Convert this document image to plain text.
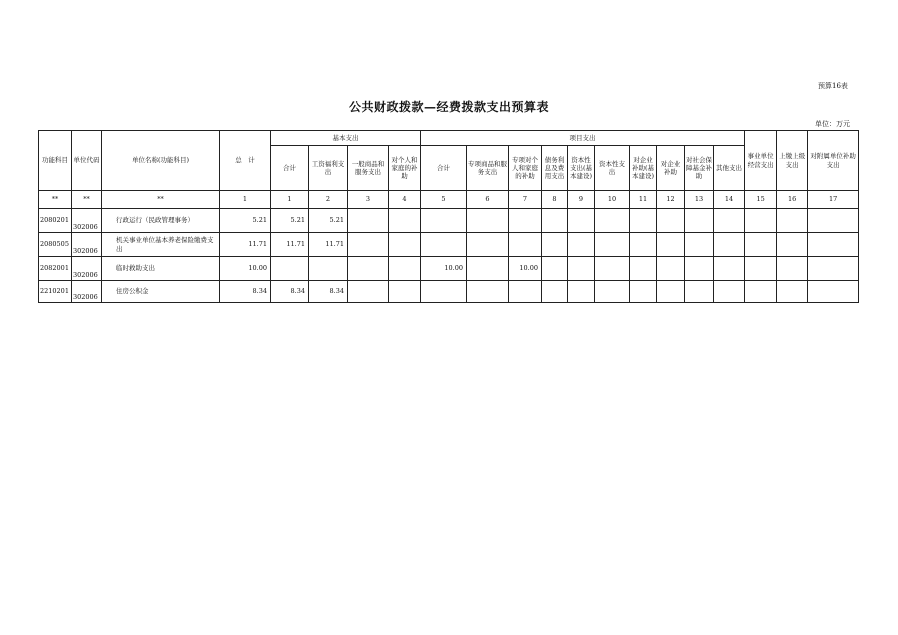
预算16表
公共财政拨款—经费拨款支出预算表
单位：万元
功能科目	单位代码	单位名称(功能科目)	总　计	基本支出				项目支出										事业单位经营支出	上缴上级支出	对附属单位补助支出
				合计	工资福利支出	一般商品和服务支出	对个人和家庭的补助	合计	专项商品和服务支出	专项对个人和家庭的补助	债务利息及费用支出	资本性支出(基本建设)	资本性支出	对企业补助(基本建设)	对企业补助	对社会保障基金补助	其他支出			
**	**	**	1	1	2	3	4	5	6	7	8	9	10	11	12	13	14	15	16	17
2080201	302006	行政运行（民政管理事务）	5.21	5.21	5.21															
2080505	302006	机关事业单位基本养老保险缴费支出	11.71	11.71	11.71															
2082001	302006	临时救助支出	10.00					10.00		10.00										
2210201	302006	住房公积金	8.34	8.34	8.34															
